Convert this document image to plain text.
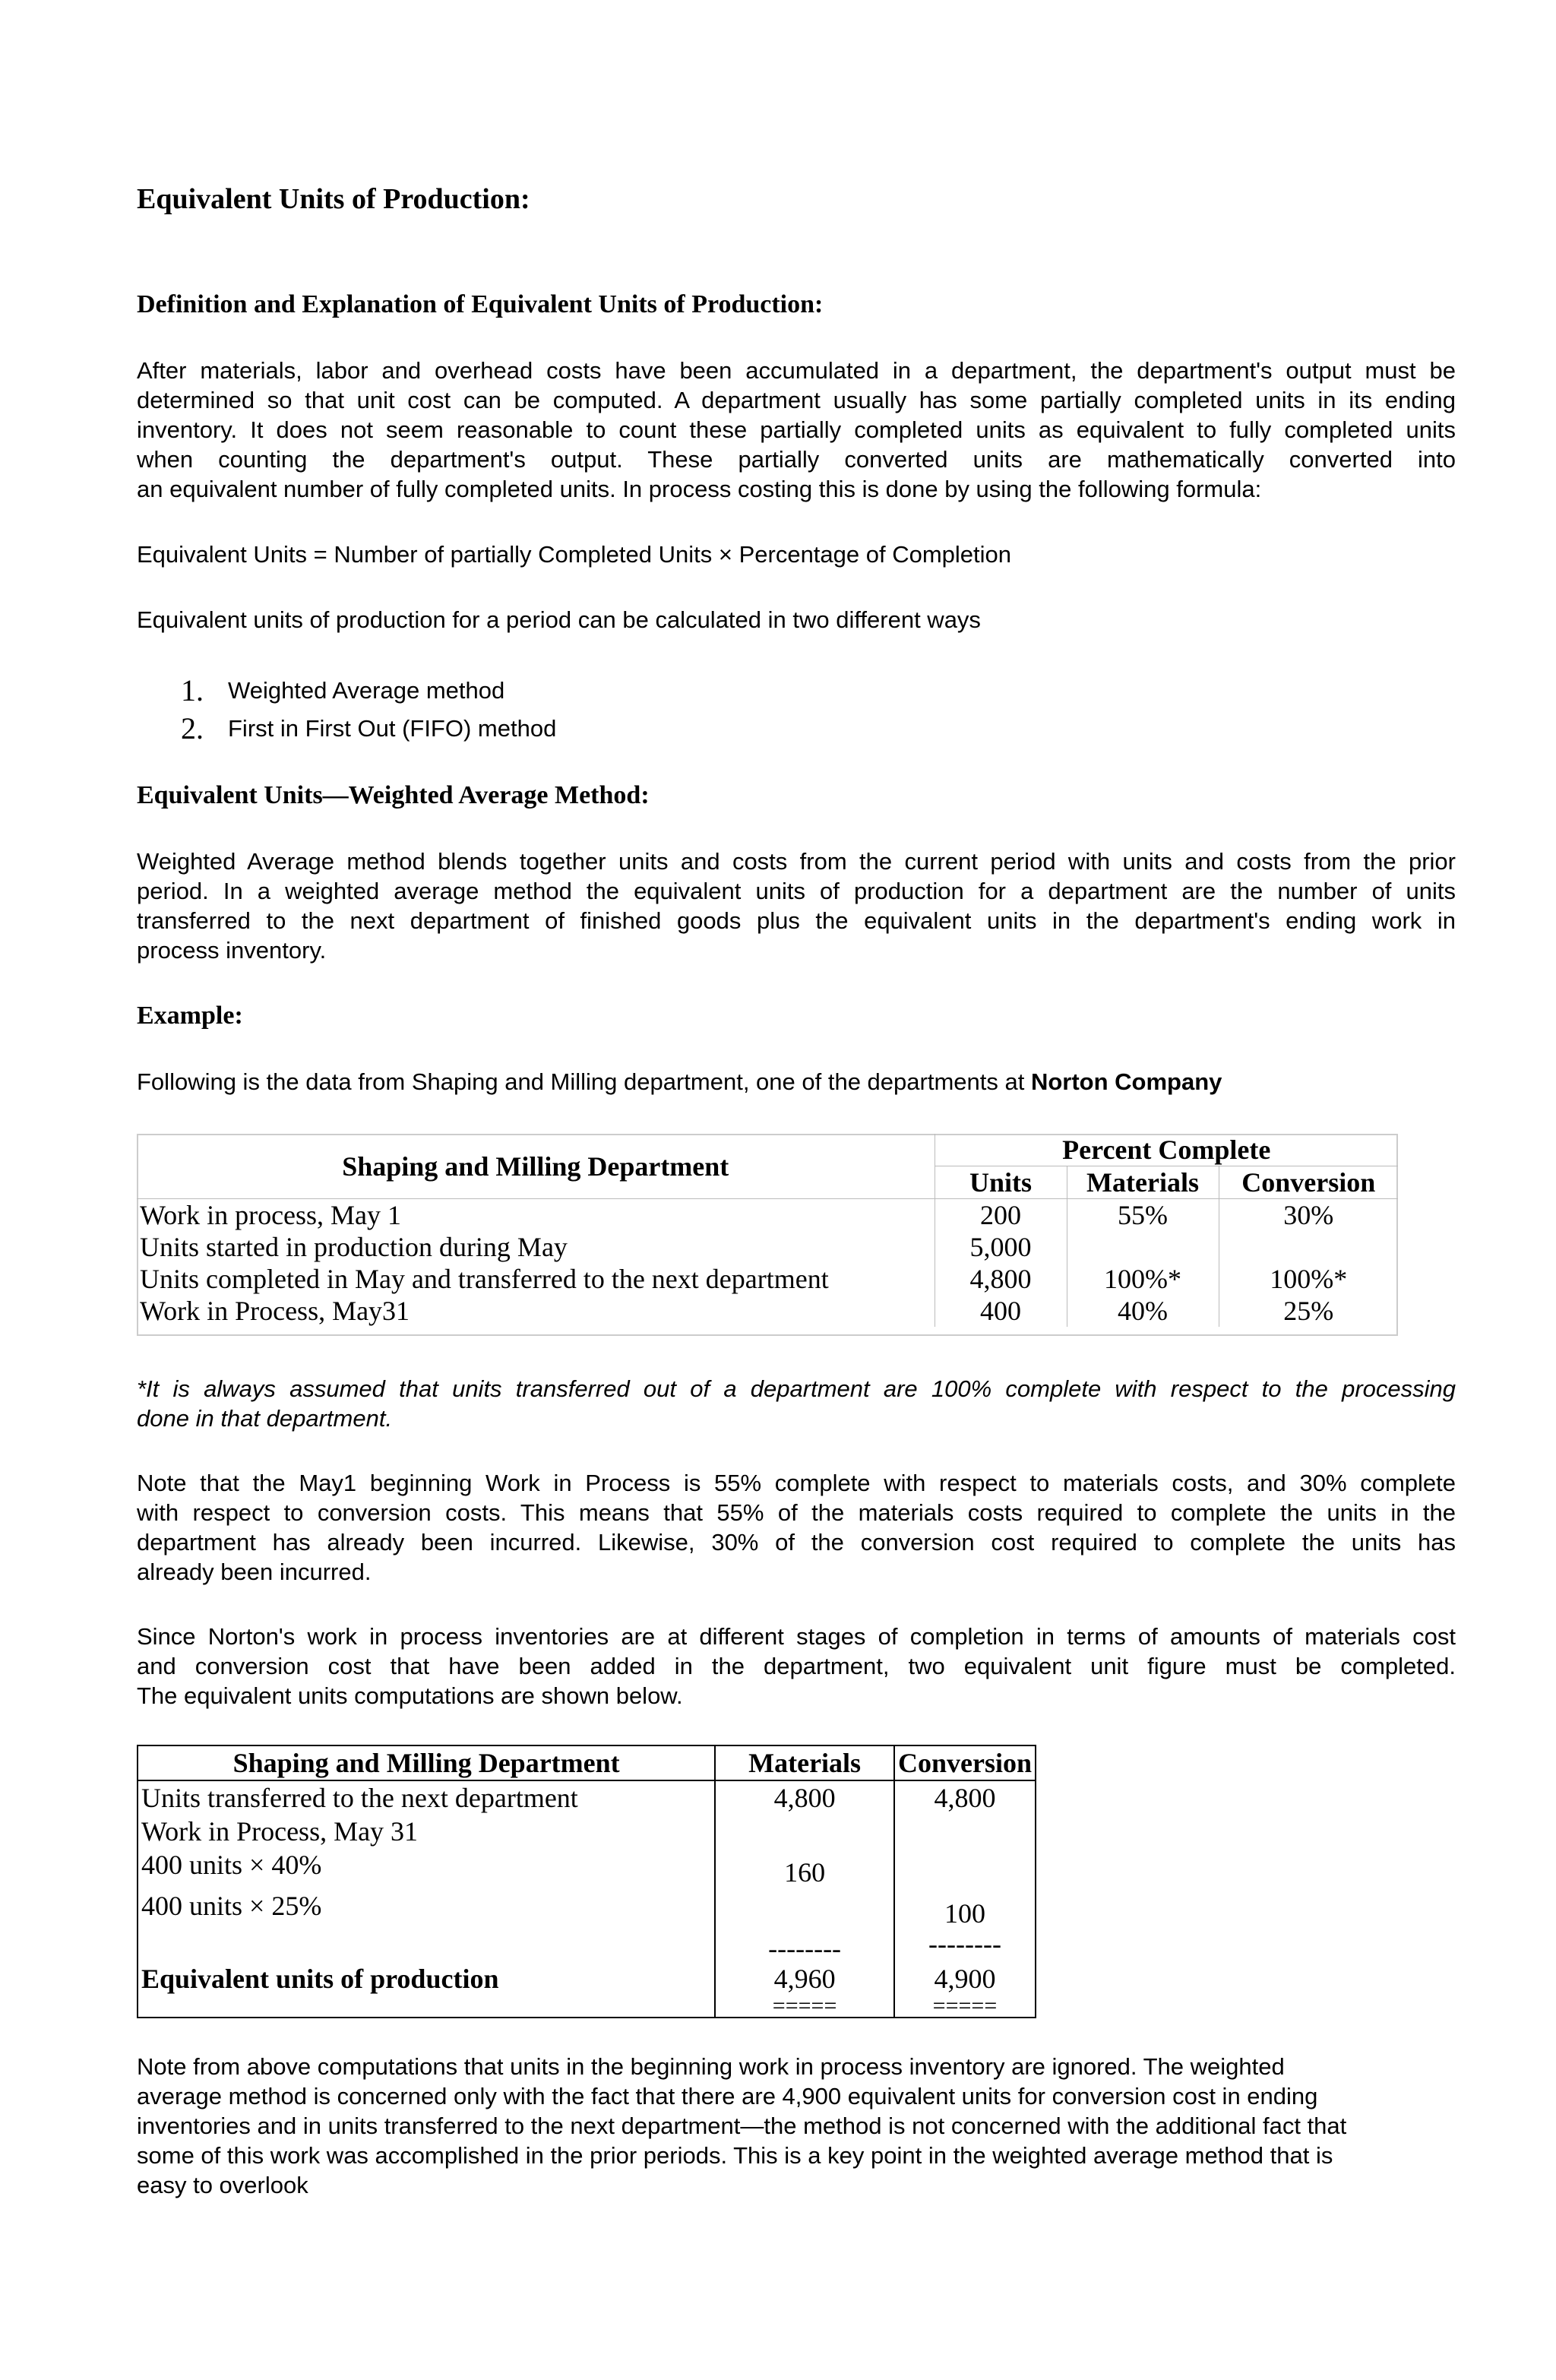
Equivalent Units of Production:
Definition and Explanation of Equivalent Units of Production:
After materials, labor and overhead costs have been accumulated in a department, the department's output must be
determined so that unit cost can be computed. A department usually has some partially completed units in its ending
inventory. It does not seem reasonable to count these partially completed units as equivalent to fully completed units
when counting the department's output. These partially converted units are mathematically converted into
an equivalent number of fully completed units. In process costing this is done by using the following formula:

Equivalent Units = Number of partially Completed Units × Percentage of Completion

Equivalent units of production for a period can be calculated in two different ways

1. Weighted Average method
2. First in First Out (FIFO) method
Equivalent Units—Weighted Average Method:
Weighted Average method blends together units and costs from the current period with units and costs from the prior
period. In a weighted average method the equivalent units of production for a department are the number of units
transferred to the next department of finished goods plus the equivalent units in the department's ending work in
process inventory.
Example:

Following is the data from Shaping and Milling department, one of the departments at Norton Company

Shaping and Milling Department	Percent Complete		
	Units	Materials	Conversion
Work in process, May 1	200	55%	30%
Units started in production during May	5,000		
Units completed in May and transferred to the next department	4,800	100%*	100%*
Work in Process, May31	400	40%	25%
*It is always assumed that units transferred out of a department are 100% complete with respect to the processing
done in that department.
Note that the May1 beginning Work in Process is 55% complete with respect to materials costs, and 30% complete
with respect to conversion costs. This means that 55% of the materials costs required to complete the units in the
department has already been incurred. Likewise, 30% of the conversion cost required to complete the units has
already been incurred.
Since Norton's work in process inventories are at different stages of completion in terms of amounts of materials cost
and conversion cost that have been added in the department, two equivalent unit figure must be completed.
The equivalent units computations are shown below.
Shaping and Milling Department	Materials	Conversion
Units transferred to the next department	4,800	4,800
Work in Process, May 31		
400 units × 40%	160	
400 units × 25%		100
	--------	--------
Equivalent units of production	4,960	4,900
	=====	=====
Note from above computations that units in the beginning work in process inventory are ignored. The weighted
average method is concerned only with the fact that there are 4,900 equivalent units for conversion cost in ending
inventories and in units transferred to the next department—the method is not concerned with the additional fact that
some of this work was accomplished in the prior periods. This is a key point in the weighted average method that is
easy to overlook
